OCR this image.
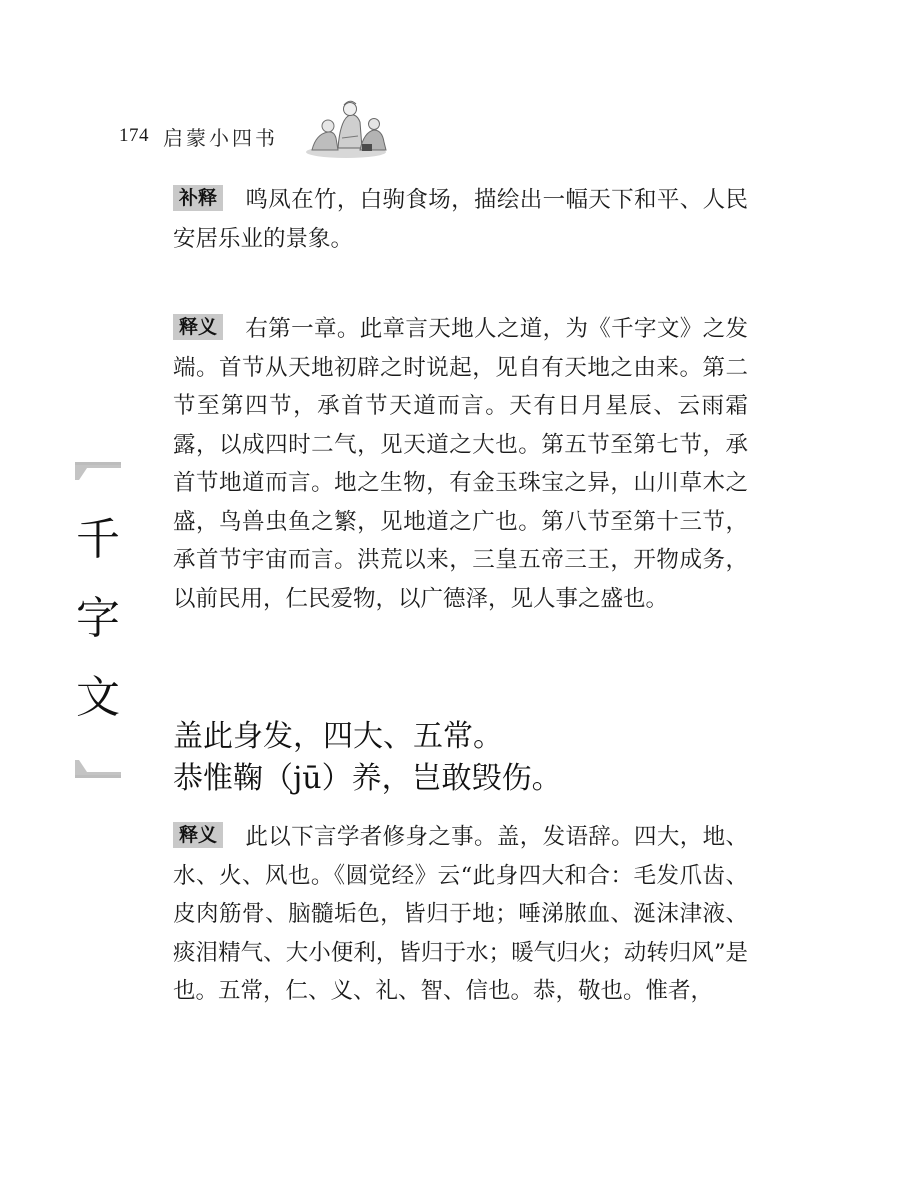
174 启蒙小四书
千
字
文
补释 鸣凤在竹，白驹食场，描绘出一幅天下和平、人民安居乐业的景象。
释义 右第一章。此章言天地人之道，为《千字文》之发端。首节从天地初辟之时说起，见自有天地之由来。第二节至第四节，承首节天道而言。天有日月星辰、云雨霜露，以成四时二气，见天道之大也。第五节至第七节，承首节地道而言。地之生物，有金玉珠宝之异，山川草木之盛，鸟兽虫鱼之繁，见地道之广也。第八节至第十三节，承首节宇宙而言。洪荒以来，三皇五帝三王，开物成务，以前民用，仁民爱物，以广德泽，见人事之盛也。
盖此身发，四大、五常。
恭惟鞠（jū）养，岂敢毁伤。
释义 此以下言学者修身之事。盖，发语辞。四大，地、水、火、风也。《圆觉经》云“此身四大和合：毛发爪齿、皮肉筋骨、脑髓垢色，皆归于地；唾涕脓血、涎沫津液、痰泪精气、大小便利，皆归于水；暖气归火；动转归风”是也。五常，仁、义、礼、智、信也。恭，敬也。惟者，
